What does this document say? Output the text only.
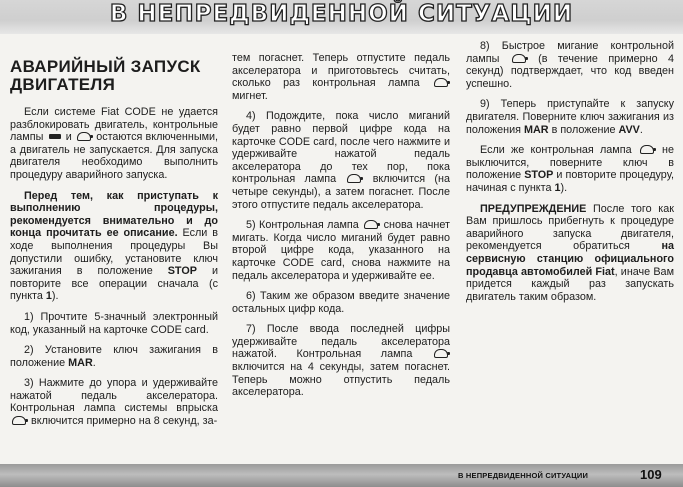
В НЕПРЕДВИДЕННОЙ СИТУАЦИИ
АВАРИЙНЫЙ ЗАПУСК ДВИГАТЕЛЯ

Если системе Fiat CODE не удается разблокировать двигатель, контрольные лампы и остаются включенными, а двигатель не запускается. Для запуска двигателя необходимо выполнить процедуру аварийного запуска.

Перед тем, как приступать к выполнению процедуры, рекомендуется внимательно и до конца прочитать ее описание. Если в ходе выполнения процедуры Вы допустили ошибку, установите ключ зажигания в положение STOP и повторите все операции сначала (с пункта 1).

1) Прочтите 5-значный электронный код, указанный на карточке CODE card.

2) Установите ключ зажигания в положение MAR.

3) Нажмите до упора и удерживайте нажатой педаль акселератора. Контрольная лампа системы впрыска  включится примерно на 8 секунд, за-

тем погаснет. Теперь отпустите педаль акселератора и приготовьтесь считать, сколько раз контрольная лампа  мигнет.

4) Подождите, пока число миганий будет равно первой цифре кода на карточке CODE card, после чего нажмите и удерживайте нажатой педаль акселератора до тех пор, пока контрольная лампа	включится (на четыре секунды), а затем погаснет. После этого отпустите педаль акселератора.

5) Контрольная лампа снова начнет мигать. Когда число миганий будет равно второй цифре кода, указанного на карточке CODE card, снова нажмите на педаль акселератора и удерживайте ее.

6) Таким же образом введите значение остальных цифр кода.

7) После ввода последней цифры удерживайте педаль акселератора нажатой. Контрольная лампа  включится на 4 секунды, затем погаснет. Теперь можно отпустить педаль акселератора.

8) Быстрое мигание контрольной лампы	(в течение примерно 4 секунд) подтверждает, что код введен успешно.

9) Теперь приступайте к запуску двигателя. Поверните ключ зажигания из положения MAR в положение AVV.

Если же контрольная лампа	не выключится, поверните ключ в положение STOP и повторите процедуру, начиная с пункта 1).

ПРЕДУПРЕЖДЕНИЕ После того как Вам пришлось прибегнуть к процедуре аварийного запуска двигателя, рекомендуется обратиться	на сервисную станцию официального продавца автомобилей Fiat, иначе Вам придется каждый раз запускать двигатель таким образом.

В НЕПРЕДВИДЕННОЙ СИТУАЦИИ	109
